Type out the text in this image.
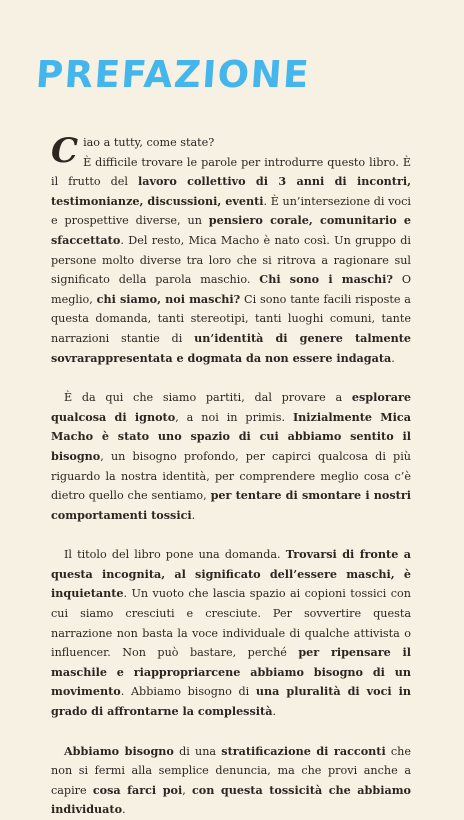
PREFAZIONE

C iao a tutty, come state?
È difficile trovare le parole per introdurre questo libro. È il frutto del lavoro collettivo di 3 anni di incontri, testimonianze, discussioni, eventi. È un’intersezione di voci e prospettive diverse, un pensiero corale, comunitario e sfaccettato. Del resto, Mica Macho è nato così. Un gruppo di persone molto diverse tra loro che si ritrova a ragionare sul significato della parola maschio. Chi sono i maschi? O meglio, chi siamo, noi maschi? Ci sono tante facili risposte a questa domanda, tanti stereotipi, tanti luoghi comuni, tante narrazioni stantie di un’identità di genere talmente sovrarappresentata e dogmata da non essere indagata.

È da qui che siamo partiti, dal provare a esplorare qualcosa di ignoto, a noi in primis. Inizialmente Mica Macho è stato uno spazio di cui abbiamo sentito il bisogno, un bisogno profondo, per capirci qualcosa di più riguardo la nostra identità, per comprendere meglio cosa c’è dietro quello che sentiamo, per tentare di smontare i nostri comportamenti tossici.

Il titolo del libro pone una domanda. Trovarsi di fronte a questa incognita, al significato dell’essere maschi, è inquietante. Un vuoto che lascia spazio ai copioni tossici con cui siamo cresciuti e cresciute. Per sovvertire questa narrazione non basta la voce individuale di qualche attivista o influencer. Non può bastare, perché per ripensare il maschile e riappropriarcene abbiamo bisogno di un movimento. Abbiamo bisogno di una pluralità di voci in grado di affrontarne la complessità.

Abbiamo bisogno di una stratificazione di racconti che non si fermi alla semplice denuncia, ma che provi anche a capire cosa farci poi, con questa tossicità che abbiamo individuato.
